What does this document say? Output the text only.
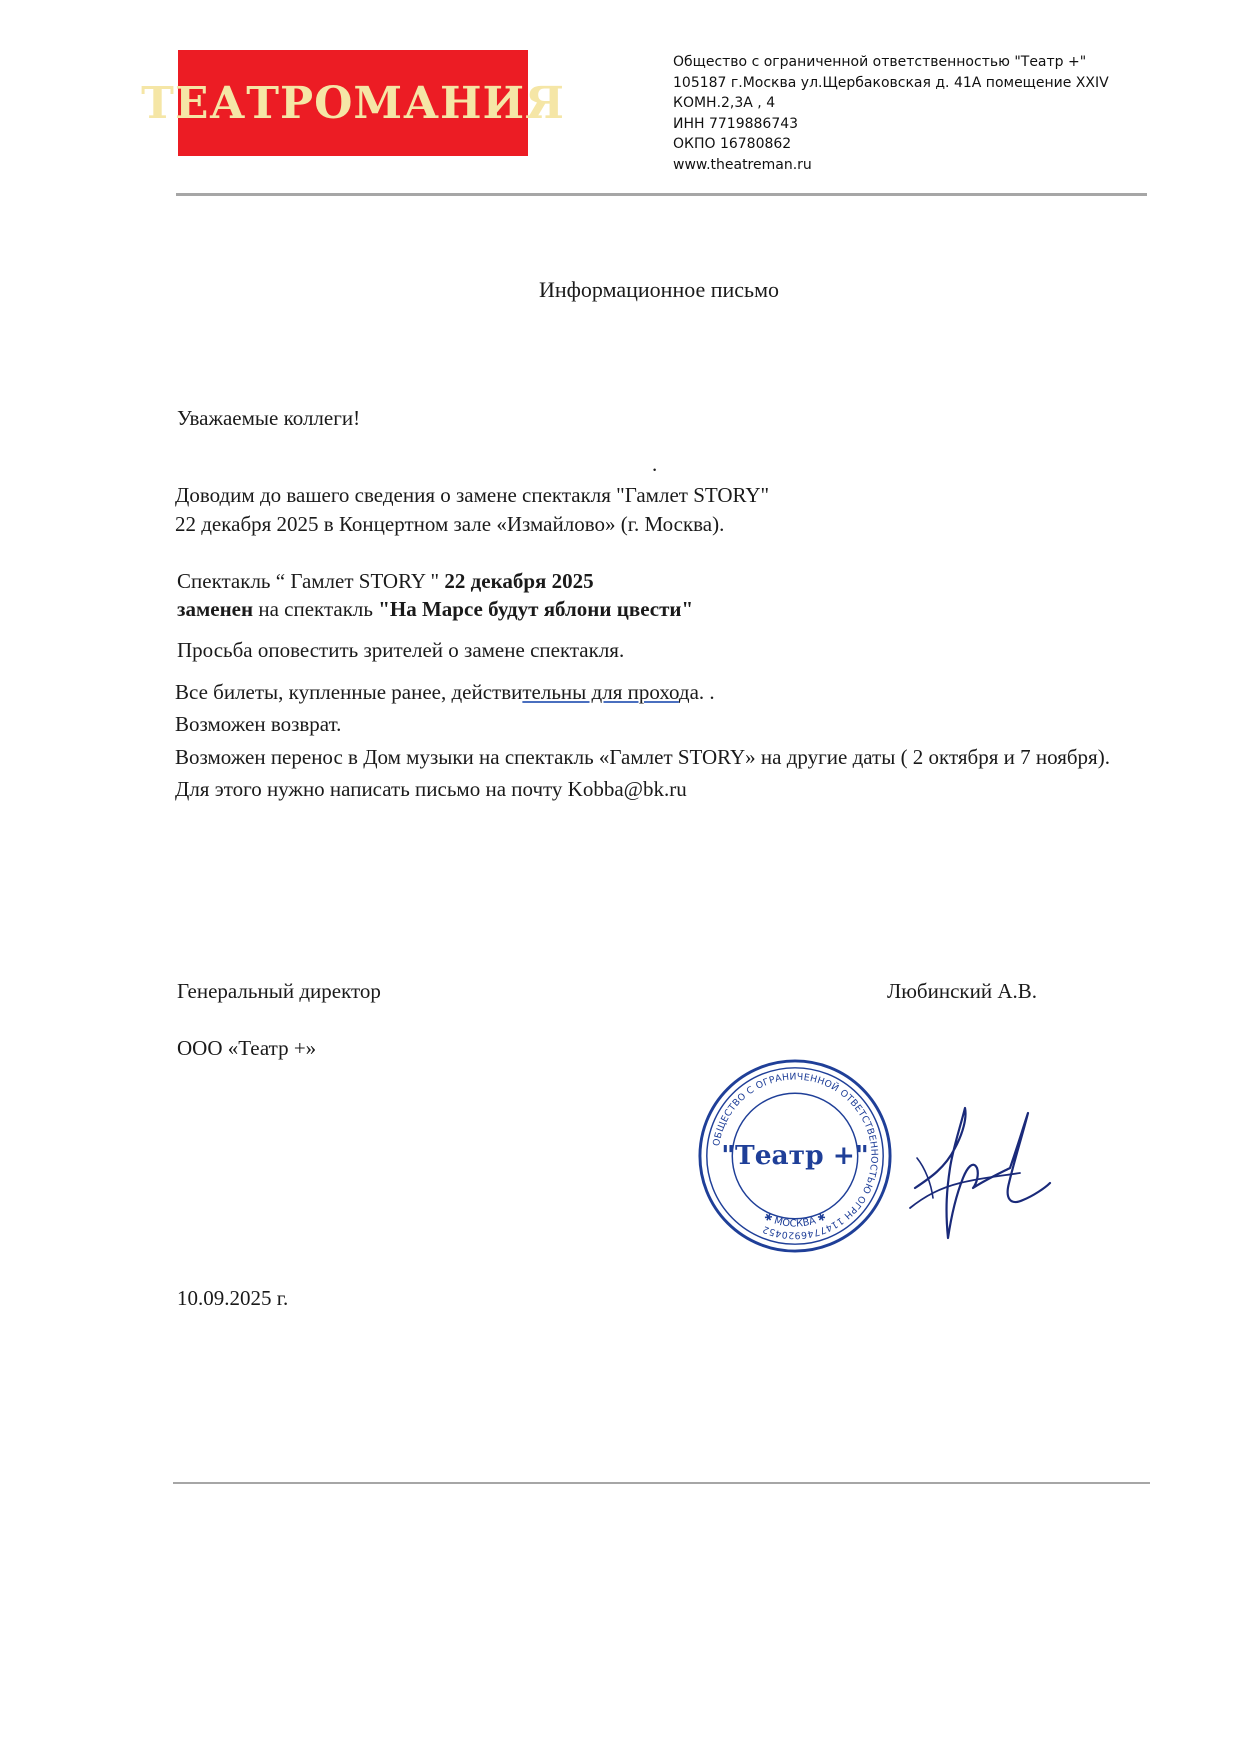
ТЕАТРОМАНИЯ
Общество с ограниченной ответственностью "Театр +"
105187 г.Москва ул.Щербаковская д. 41А помещение XXIV
КОМН.2,3А , 4
ИНН 7719886743
ОКПО 16780862
www.theatreman.ru
Информационное письмо
Уважаемые коллеги!
.
Доводим до вашего сведения о замене спектакля "Гамлет STORY"
22 декабря 2025 в Концертном зале «Измайлово» (г. Москва).
Спектакль “ Гамлет STORY " 22 декабря 2025
заменен на спектакль "На Марсе будут яблони цвести"
Просьба оповестить зрителей о замене спектакля.
Все билеты, купленные ранее, действительны для прохода. .
Возможен возврат.
Возможен перенос в Дом музыки на спектакль «Гамлет STORY» на другие даты ( 2 октября и 7 ноября).
Для этого нужно написать письмо на почту Kobba@bk.ru
Генеральный директор	Любинский А.В.
ООО «Театр +»
10.09.2025 г.
ОБЩЕСТВО С ОГРАНИЧЕННОЙ ОТВЕТСТВЕННОСТЬЮ ОГРН 1147746920452
✱ МОСКВА ✱
"Театр +"
